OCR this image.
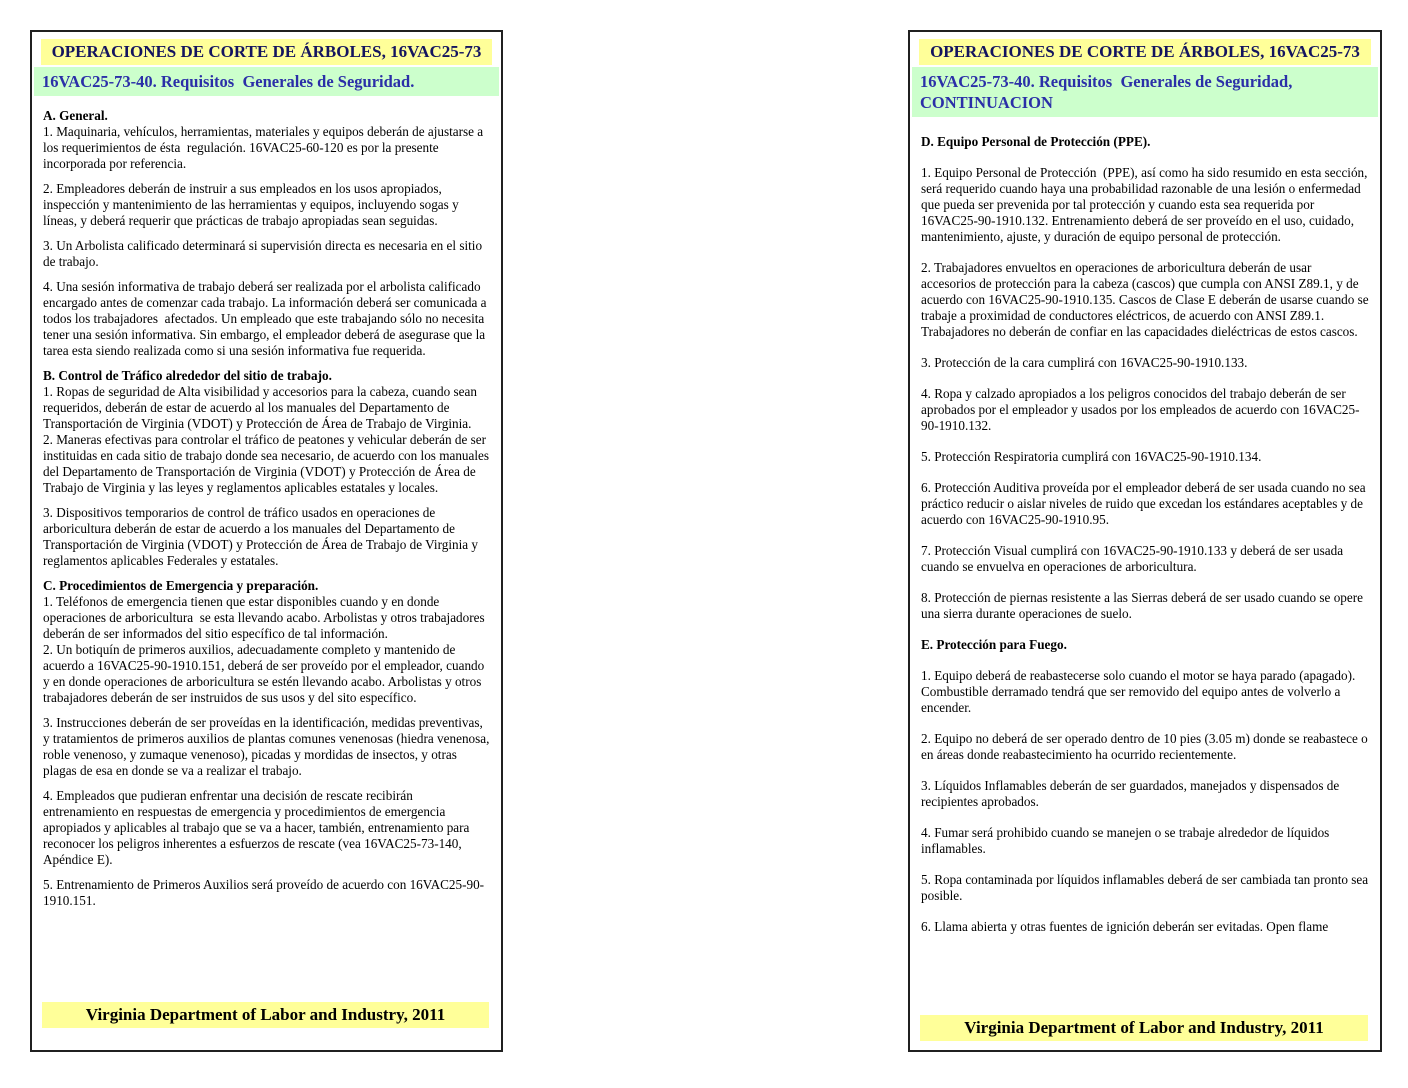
OPERACIONES DE CORTE DE ÁRBOLES, 16VAC25-73
16VAC25-73-40. Requisitos  Generales de Seguridad.
A. General.
1. Maquinaria, vehículos, herramientas, materiales y equipos deberán de ajustarse a los requerimientos de ésta  regulación. 16VAC25-60-120 es por la presente incorporada por referencia.
2. Empleadores deberán de instruir a sus empleados en los usos apropiados, inspección y mantenimiento de las herramientas y equipos, incluyendo sogas y líneas, y deberá requerir que prácticas de trabajo apropiadas sean seguidas.
3. Un Arbolista calificado determinará si supervisión directa es necesaria en el sitio de trabajo.
4. Una sesión informativa de trabajo deberá ser realizada por el arbolista calificado encargado antes de comenzar cada trabajo. La información deberá ser comunicada a todos los trabajadores  afectados. Un empleado que este trabajando sólo no necesita tener una sesión informativa. Sin embargo, el empleador deberá de asegurase que la tarea esta siendo realizada como si una sesión informativa fue requerida.
B. Control de Tráfico alrededor del sitio de trabajo.
1. Ropas de seguridad de Alta visibilidad y accesorios para la cabeza, cuando sean requeridos, deberán de estar de acuerdo al los manuales del Departamento de Transportación de Virginia (VDOT) y Protección de Área de Trabajo de Virginia.
2. Maneras efectivas para controlar el tráfico de peatones y vehicular deberán de ser instituidas en cada sitio de trabajo donde sea necesario, de acuerdo con los manuales del Departamento de Transportación de Virginia (VDOT) y Protección de Área de Trabajo de Virginia y las leyes y reglamentos aplicables estatales y locales.
3. Dispositivos temporarios de control de tráfico usados en operaciones de arboricultura deberán de estar de acuerdo a los manuales del Departamento de Transportación de Virginia (VDOT) y Protección de Área de Trabajo de Virginia y reglamentos aplicables Federales y estatales.
C. Procedimientos de Emergencia y preparación.
1. Teléfonos de emergencia tienen que estar disponibles cuando y en donde operaciones de arboricultura  se esta llevando acabo. Arbolistas y otros trabajadores deberán de ser informados del sitio específico de tal información.
2. Un botiquín de primeros auxilios, adecuadamente completo y mantenido de acuerdo a 16VAC25-90-1910.151, deberá de ser proveído por el empleador, cuando y en donde operaciones de arboricultura se estén llevando acabo. Arbolistas y otros trabajadores deberán de ser instruidos de sus usos y del sito específico.
3. Instrucciones deberán de ser proveídas en la identificación, medidas preventivas, y tratamientos de primeros auxilios de plantas comunes venenosas (hiedra venenosa, roble venenoso, y zumaque venenoso), picadas y mordidas de insectos, y otras plagas de esa en donde se va a realizar el trabajo.
4. Empleados que pudieran enfrentar una decisión de rescate recibirán entrenamiento en respuestas de emergencia y procedimientos de emergencia apropiados y aplicables al trabajo que se va a hacer, también, entrenamiento para reconocer los peligros inherentes a esfuerzos de rescate (vea 16VAC25-73-140, Apéndice E).
5. Entrenamiento de Primeros Auxilios será proveído de acuerdo con 16VAC25-90-1910.151.
Virginia Department of Labor and Industry, 2011
OPERACIONES DE CORTE DE ÁRBOLES, 16VAC25-73
16VAC25-73-40. Requisitos  Generales de Seguridad, CONTINUACION
D. Equipo Personal de Protección (PPE).
1. Equipo Personal de Protección  (PPE), así como ha sido resumido en esta sección, será requerido cuando haya una probabilidad razonable de una lesión o enfermedad que pueda ser prevenida por tal protección y cuando esta sea requerida por 16VAC25-90-1910.132. Entrenamiento deberá de ser proveído en el uso, cuidado, mantenimiento, ajuste, y duración de equipo personal de protección.
2. Trabajadores envueltos en operaciones de arboricultura deberán de usar accesorios de protección para la cabeza (cascos) que cumpla con ANSI Z89.1, y de acuerdo con 16VAC25-90-1910.135. Cascos de Clase E deberán de usarse cuando se trabaje a proximidad de conductores eléctricos, de acuerdo con ANSI Z89.1. Trabajadores no deberán de confiar en las capacidades dieléctricas de estos cascos.
3. Protección de la cara cumplirá con 16VAC25-90-1910.133.
4. Ropa y calzado apropiados a los peligros conocidos del trabajo deberán de ser aprobados por el empleador y usados por los empleados de acuerdo con 16VAC25-90-1910.132.
5. Protección Respiratoria cumplirá con 16VAC25-90-1910.134.
6. Protección Auditiva proveída por el empleador deberá de ser usada cuando no sea práctico reducir o aislar niveles de ruido que excedan los estándares aceptables y de acuerdo con 16VAC25-90-1910.95.
7. Protección Visual cumplirá con 16VAC25-90-1910.133 y deberá de ser usada cuando se envuelva en operaciones de arboricultura.
8. Protección de piernas resistente a las Sierras deberá de ser usado cuando se opere una sierra durante operaciones de suelo.
E. Protección para Fuego.
1. Equipo deberá de reabastecerse solo cuando el motor se haya parado (apagado). Combustible derramado tendrá que ser removido del equipo antes de volverlo a encender.
2. Equipo no deberá de ser operado dentro de 10 pies (3.05 m) donde se reabastece o en áreas donde reabastecimiento ha ocurrido recientemente.
3. Líquidos Inflamables deberán de ser guardados, manejados y dispensados de recipientes aprobados.
4. Fumar será prohibido cuando se manejen o se trabaje alrededor de líquidos inflamables.
5. Ropa contaminada por líquidos inflamables deberá de ser cambiada tan pronto sea posible.
6. Llama abierta y otras fuentes de ignición deberán ser evitadas. Open flame
Virginia Department of Labor and Industry, 2011
